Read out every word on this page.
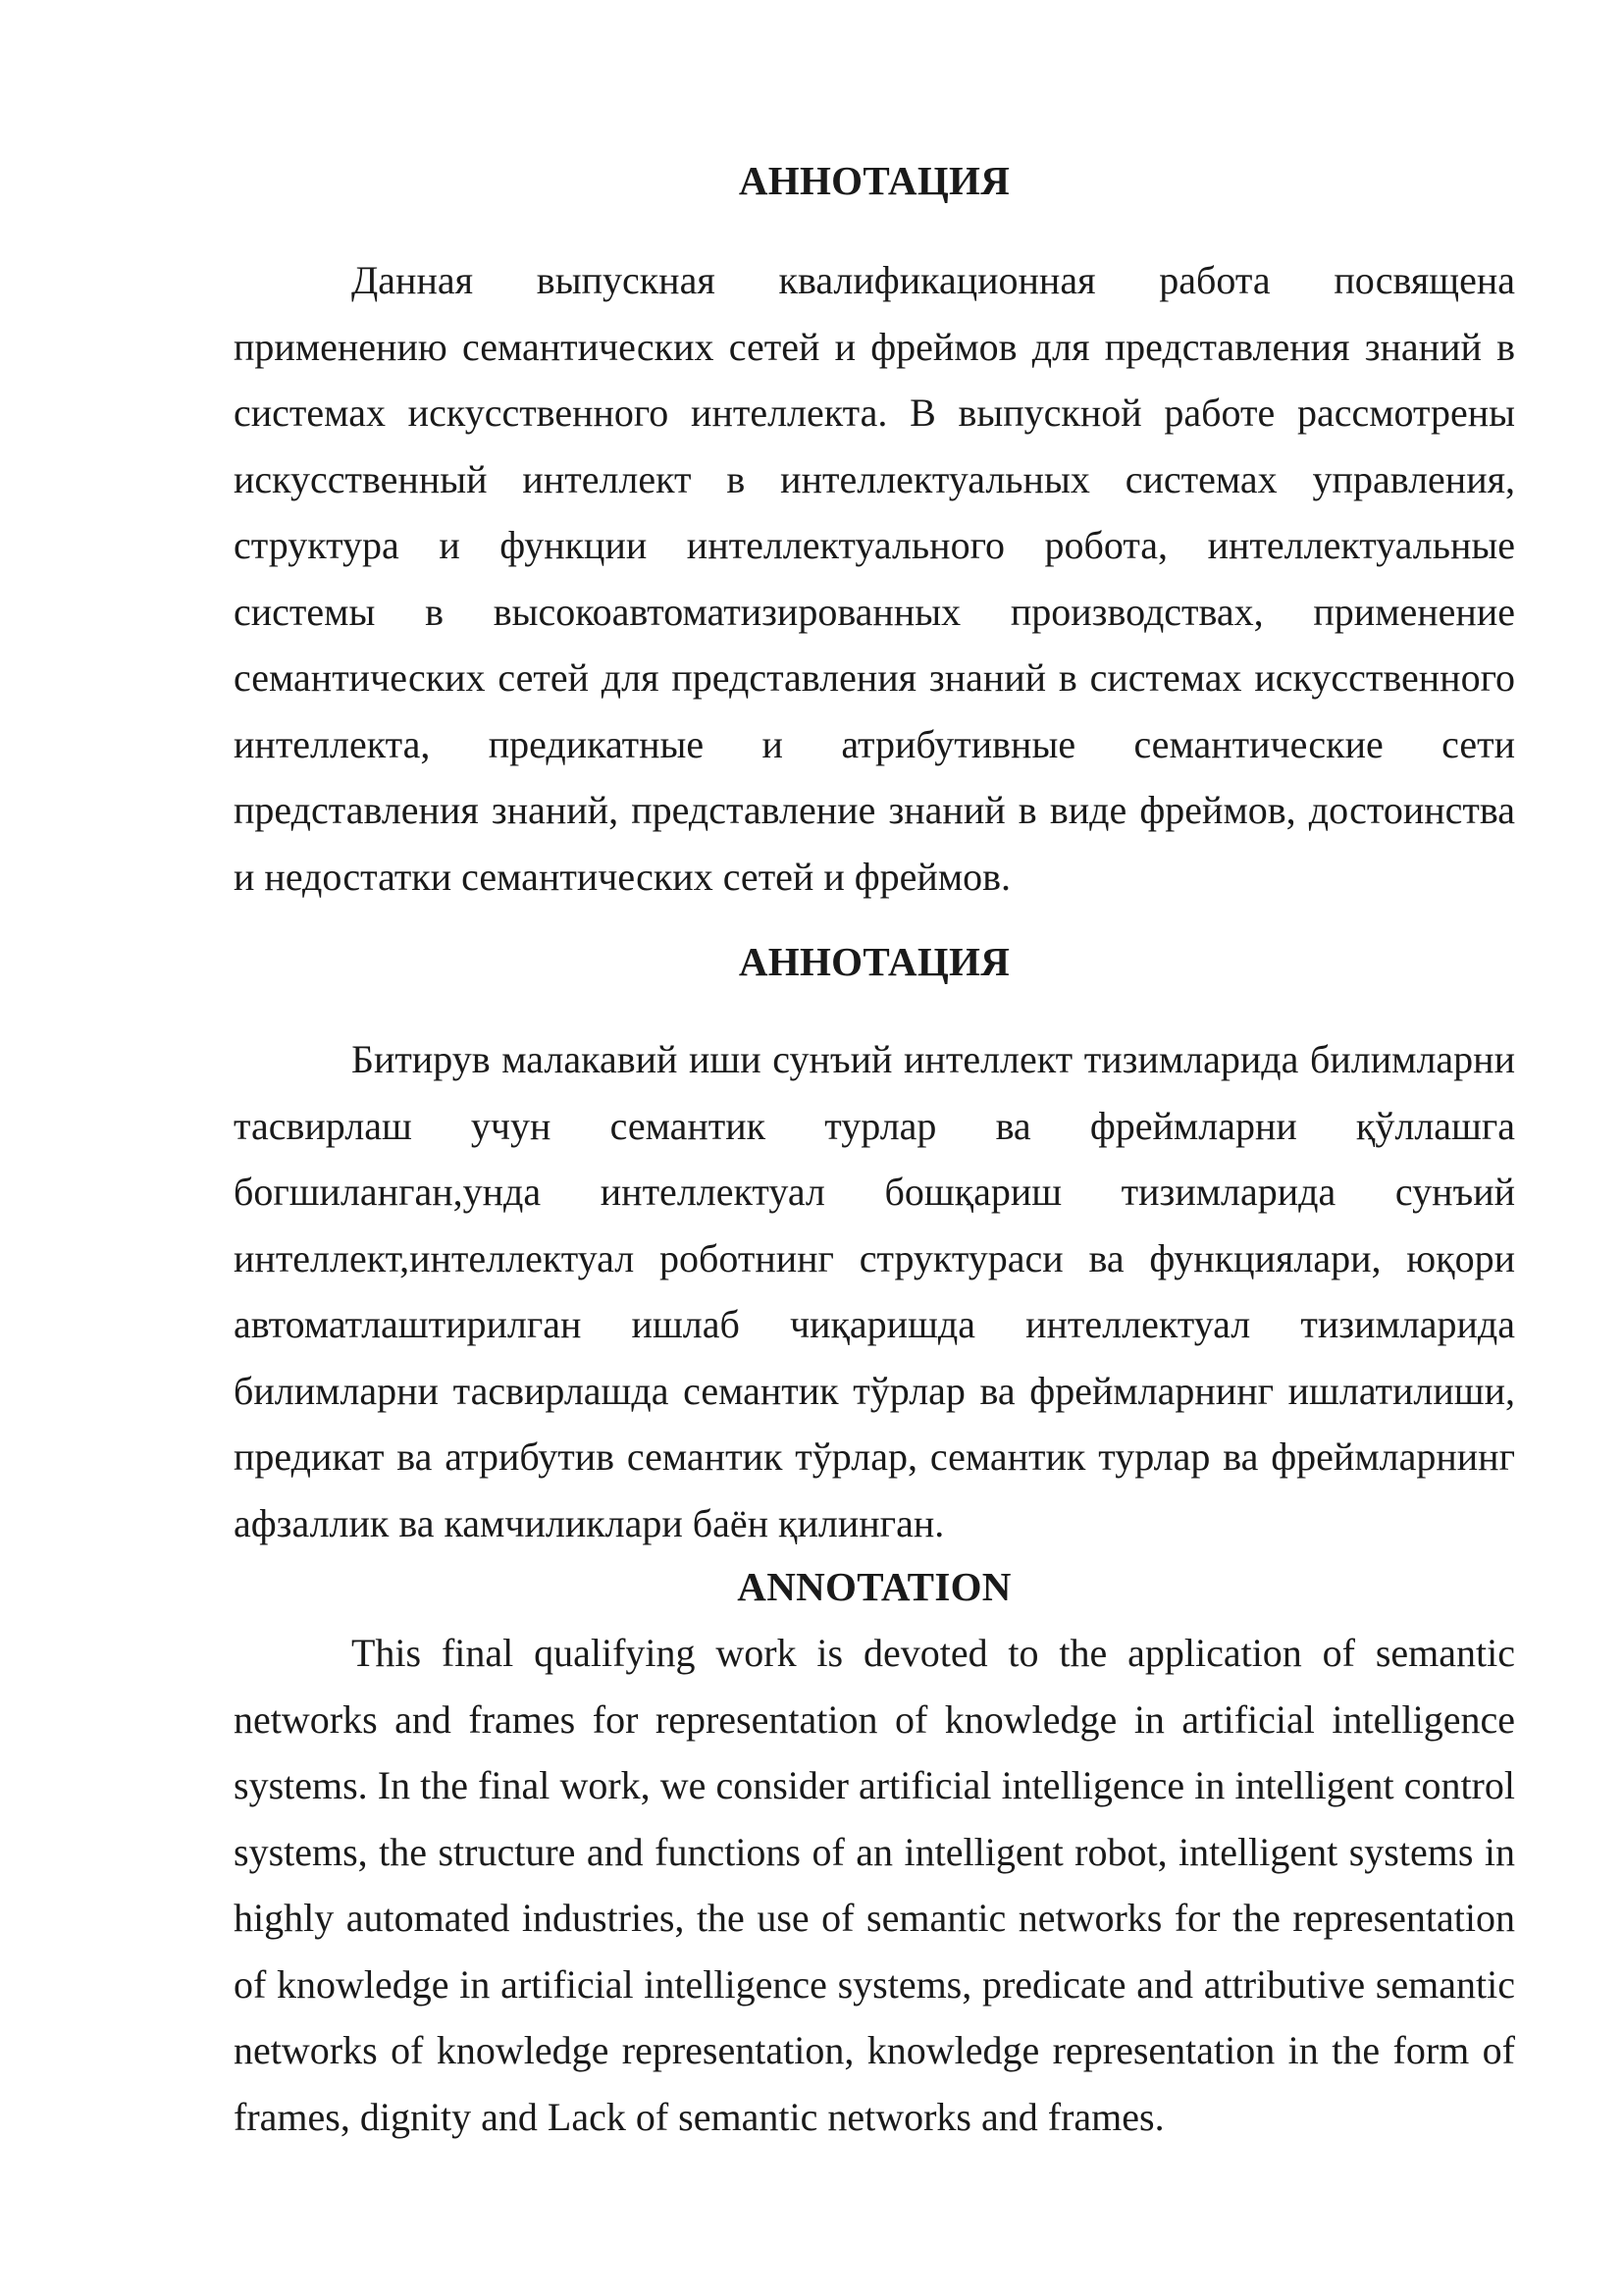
АННОТАЦИЯ

Данная выпускная квалификационная работа посвящена применению семантических сетей и фреймов для представления знаний в системах искусственного интеллекта. В выпускной работе рассмотрены искусственный интеллект в интеллектуальных системах управления, структура и функции интеллектуального робота, интеллектуальные системы в высокоавтоматизированных производствах, применение семантических сетей для представления знаний в системах искусственного интеллекта, предикатные и атрибутивные семантические сети представления знаний, представление знаний в виде фреймов, достоинства и недостатки семантических сетей и фреймов.

АННОТАЦИЯ

Битирув малакавий иши сунъий интеллект тизимларида билимларни тасвирлаш учун семантик турлар ва фреймларни қўллашга богшиланган,унда интеллектуал бошқариш тизимларида сунъий интеллект,интеллектуал роботнинг структураси ва функциялари, юқори автоматлаштирилган ишлаб чиқаришда интеллектуал тизимларида билимларни тасвирлашда семантик тўрлар ва фреймларнинг ишлатилиши, предикат ва атрибутив семантик тўрлар, семантик турлар ва фреймларнинг афзаллик ва камчиликлари баён қилинган.

ANNOTATION

This final qualifying work is devoted to the application of semantic networks and frames for representation of knowledge in artificial intelligence systems. In the final work, we consider artificial intelligence in intelligent control systems, the structure and functions of an intelligent robot, intelligent systems in highly automated industries, the use of semantic networks for the representation of knowledge in artificial intelligence systems, predicate and attributive semantic networks of knowledge representation, knowledge representation in the form of frames, dignity and Lack of semantic networks and frames.
